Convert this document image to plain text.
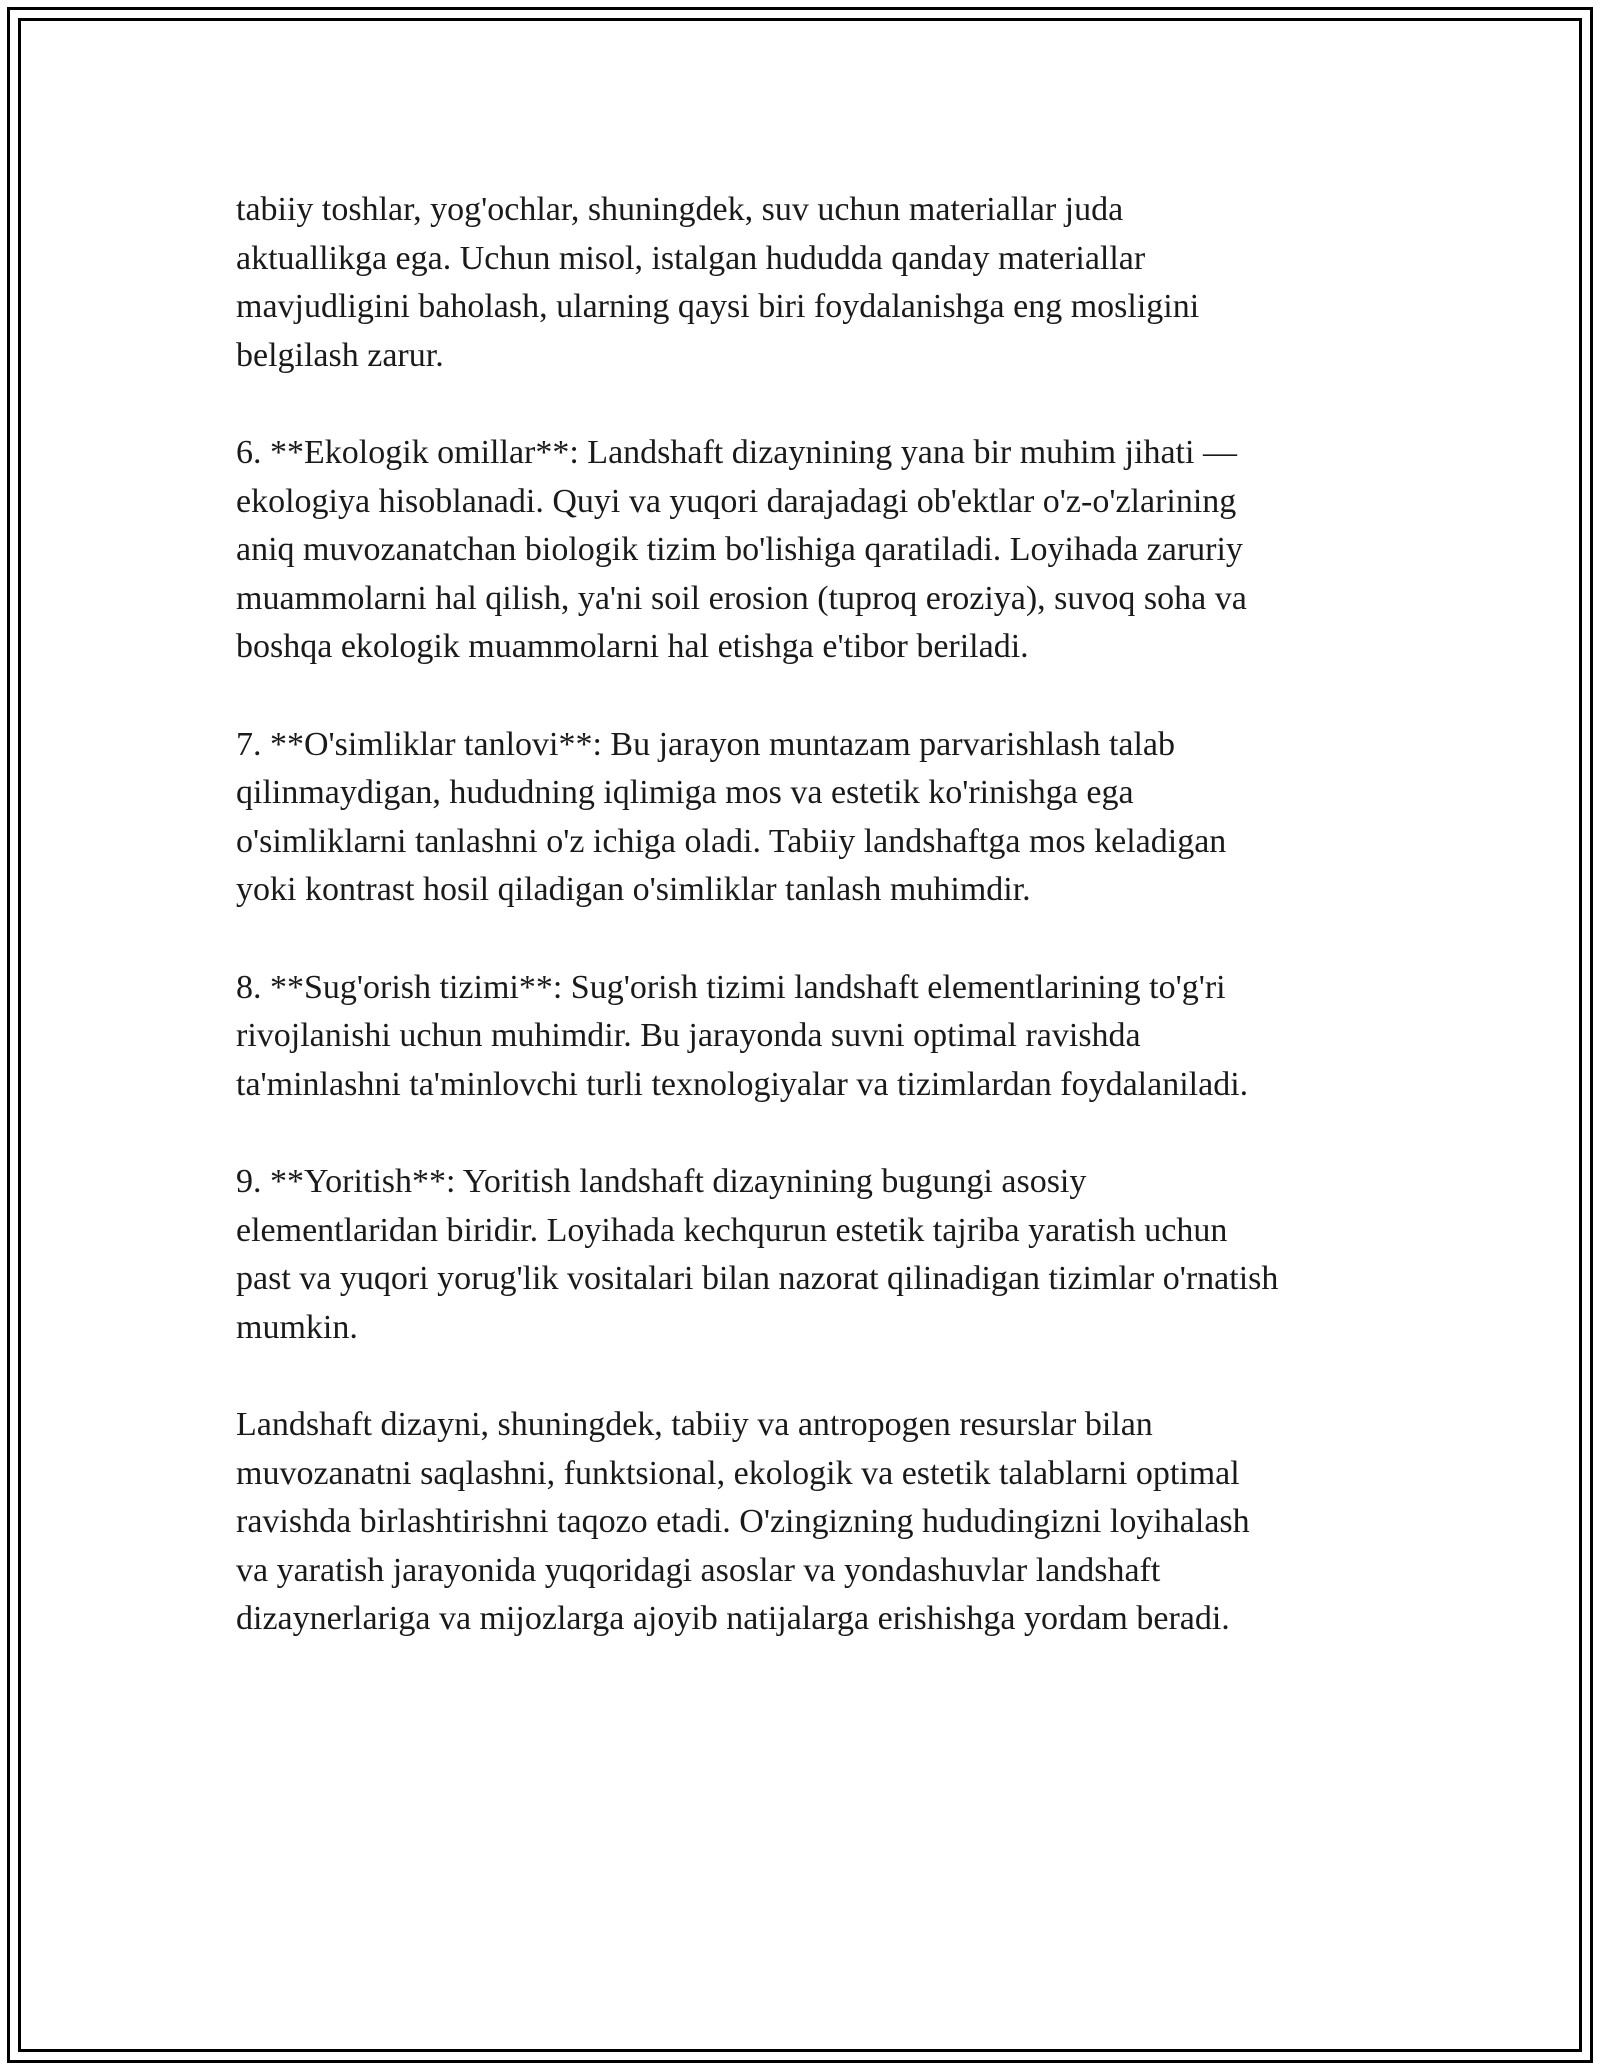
tabiiy toshlar, yog'ochlar, shuningdek, suv uchun materiallar juda
aktuallikga ega. Uchun misol, istalgan hududda qanday materiallar
mavjudligini baholash, ularning qaysi biri foydalanishga eng mosligini
belgilash zarur.

6. **Ekologik omillar**: Landshaft dizaynining yana bir muhim jihati —
ekologiya hisoblanadi. Quyi va yuqori darajadagi ob'ektlar o'z-o'zlarining
aniq muvozanatchan biologik tizim bo'lishiga qaratiladi. Loyihada zaruriy
muammolarni hal qilish, ya'ni soil erosion (tuproq eroziya), suvoq soha va
boshqa ekologik muammolarni hal etishga e'tibor beriladi.

7. **O'simliklar tanlovi**: Bu jarayon muntazam parvarishlash talab
qilinmaydigan, hududning iqlimiga mos va estetik ko'rinishga ega
o'simliklarni tanlashni o'z ichiga oladi. Tabiiy landshaftga mos keladigan
yoki kontrast hosil qiladigan o'simliklar tanlash muhimdir.

8. **Sug'orish tizimi**: Sug'orish tizimi landshaft elementlarining to'g'ri
rivojlanishi uchun muhimdir. Bu jarayonda suvni optimal ravishda
ta'minlashni ta'minlovchi turli texnologiyalar va tizimlardan foydalaniladi.

9. **Yoritish**: Yoritish landshaft dizaynining bugungi asosiy
elementlaridan biridir. Loyihada kechqurun estetik tajriba yaratish uchun
past va yuqori yorug'lik vositalari bilan nazorat qilinadigan tizimlar o'rnatish
mumkin.

Landshaft dizayni, shuningdek, tabiiy va antropogen resurslar bilan
muvozanatni saqlashni, funktsional, ekologik va estetik talablarni optimal
ravishda birlashtirishni taqozo etadi. O'zingizning hududingizni loyihalash
va yaratish jarayonida yuqoridagi asoslar va yondashuvlar landshaft
dizaynerlariga va mijozlarga ajoyib natijalarga erishishga yordam beradi.
